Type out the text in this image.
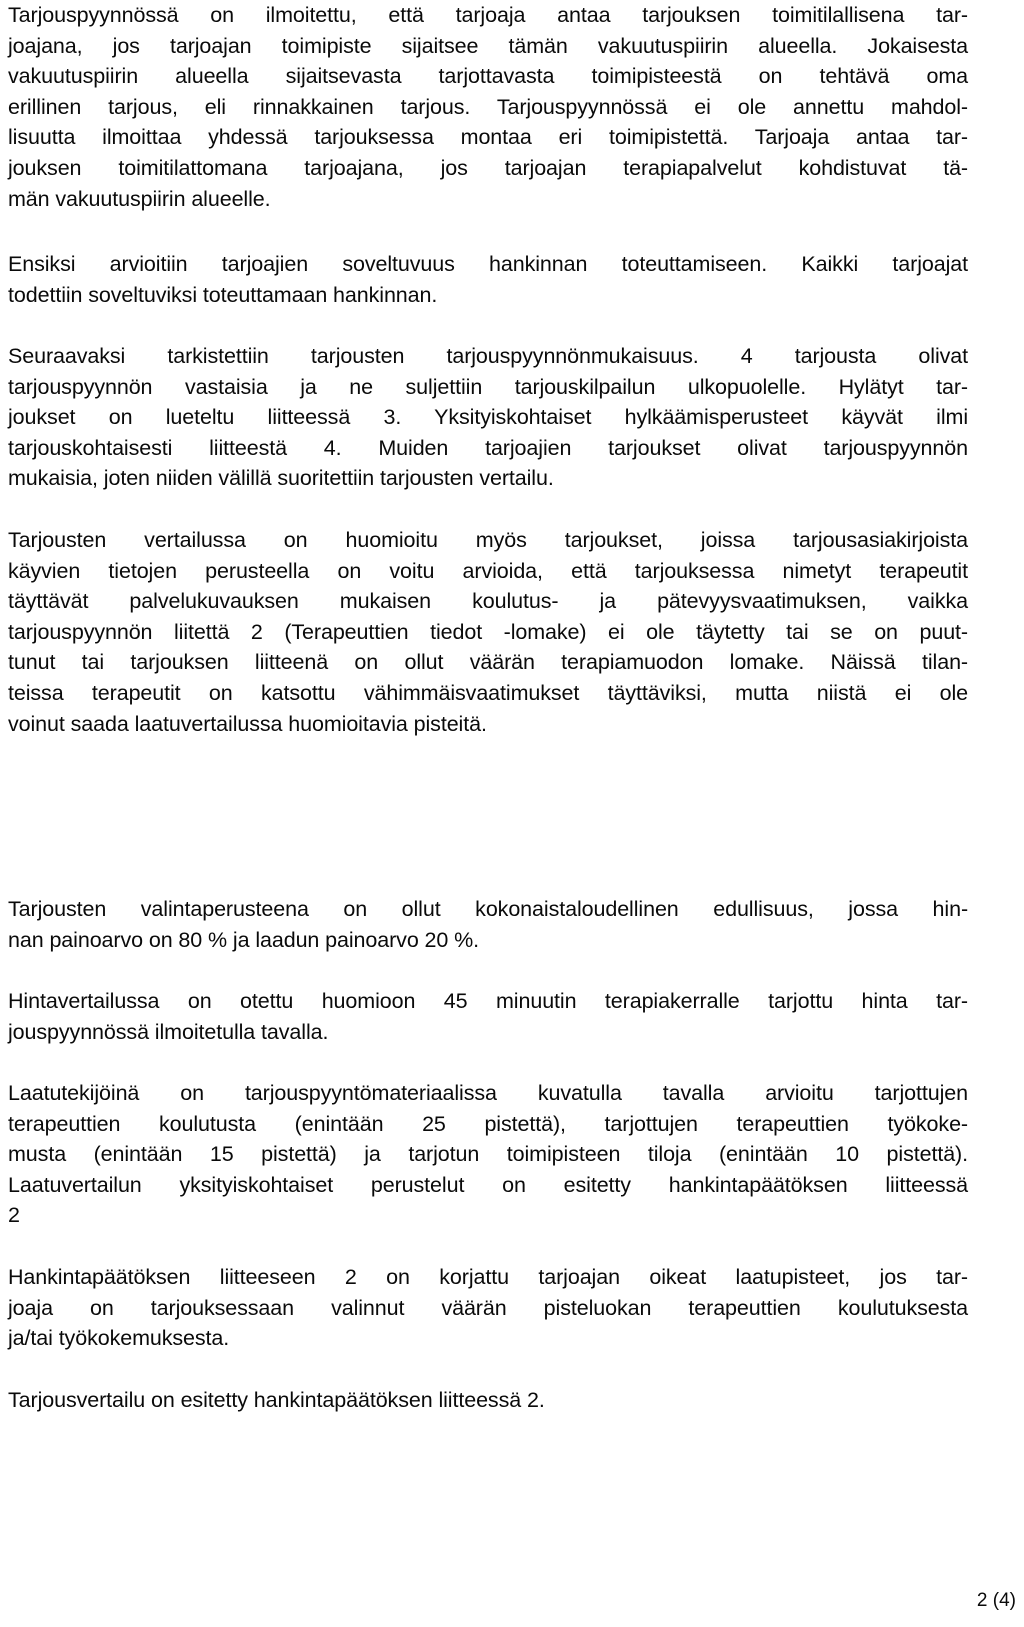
Tarjouspyynnössä on ilmoitettu, että tarjoaja antaa tarjouksen toimitilallisena tar-
joajana, jos tarjoajan toimipiste sijaitsee tämän vakuutuspiirin alueella. Jokaisesta
vakuutuspiirin alueella sijaitsevasta tarjottavasta toimipisteestä on tehtävä oma
erillinen tarjous, eli rinnakkainen tarjous. Tarjouspyynnössä ei ole annettu mahdol-
lisuutta ilmoittaa yhdessä tarjouksessa montaa eri toimipistettä. Tarjoaja antaa tar-
jouksen toimitilattomana tarjoajana, jos tarjoajan terapiapalvelut kohdistuvat tä-
män vakuutuspiirin alueelle.

Ensiksi arvioitiin tarjoajien soveltuvuus hankinnan toteuttamiseen. Kaikki tarjoajat
todettiin soveltuviksi toteuttamaan hankinnan.

Seuraavaksi tarkistettiin tarjousten tarjouspyynnönmukaisuus. 4 tarjousta olivat
tarjouspyynnön vastaisia ja ne suljettiin tarjouskilpailun ulkopuolelle. Hylätyt tar-
joukset on lueteltu liitteessä 3. Yksityiskohtaiset hylkäämisperusteet käyvät ilmi
tarjouskohtaisesti liitteestä 4. Muiden tarjoajien tarjoukset olivat tarjouspyynnön
mukaisia, joten niiden välillä suoritettiin tarjousten vertailu.

Tarjousten vertailussa on huomioitu myös tarjoukset, joissa tarjousasiakirjoista
käyvien tietojen perusteella on voitu arvioida, että tarjouksessa nimetyt terapeutit
täyttävät palvelukuvauksen mukaisen koulutus- ja pätevyysvaatimuksen, vaikka
tarjouspyynnön liitettä 2 (Terapeuttien tiedot -lomake) ei ole täytetty tai se on puut-
tunut tai tarjouksen liitteenä on ollut väärän terapiamuodon lomake. Näissä tilan-
teissa terapeutit on katsottu vähimmäisvaatimukset täyttäviksi, mutta niistä ei ole
voinut saada laatuvertailussa huomioitavia pisteitä.

Tarjousten valintaperusteena on ollut kokonaistaloudellinen edullisuus, jossa hin-
nan painoarvo on 80 % ja laadun painoarvo 20 %.

Hintavertailussa on otettu huomioon 45 minuutin terapiakerralle tarjottu hinta tar-
jouspyynnössä ilmoitetulla tavalla.

Laatutekijöinä on tarjouspyyntömateriaalissa kuvatulla tavalla arvioitu tarjottujen
terapeuttien koulutusta (enintään 25 pistettä), tarjottujen terapeuttien työkoke-
musta (enintään 15 pistettä) ja tarjotun toimipisteen tiloja (enintään 10 pistettä).
Laatuvertailun yksityiskohtaiset perustelut on esitetty hankintapäätöksen liitteessä
2

Hankintapäätöksen liitteeseen 2 on korjattu tarjoajan oikeat laatupisteet, jos tar-
joaja on tarjouksessaan valinnut väärän pisteluokan terapeuttien koulutuksesta
ja/tai työkokemuksesta.

Tarjousvertailu on esitetty hankintapäätöksen liitteessä 2.

2 (4)
